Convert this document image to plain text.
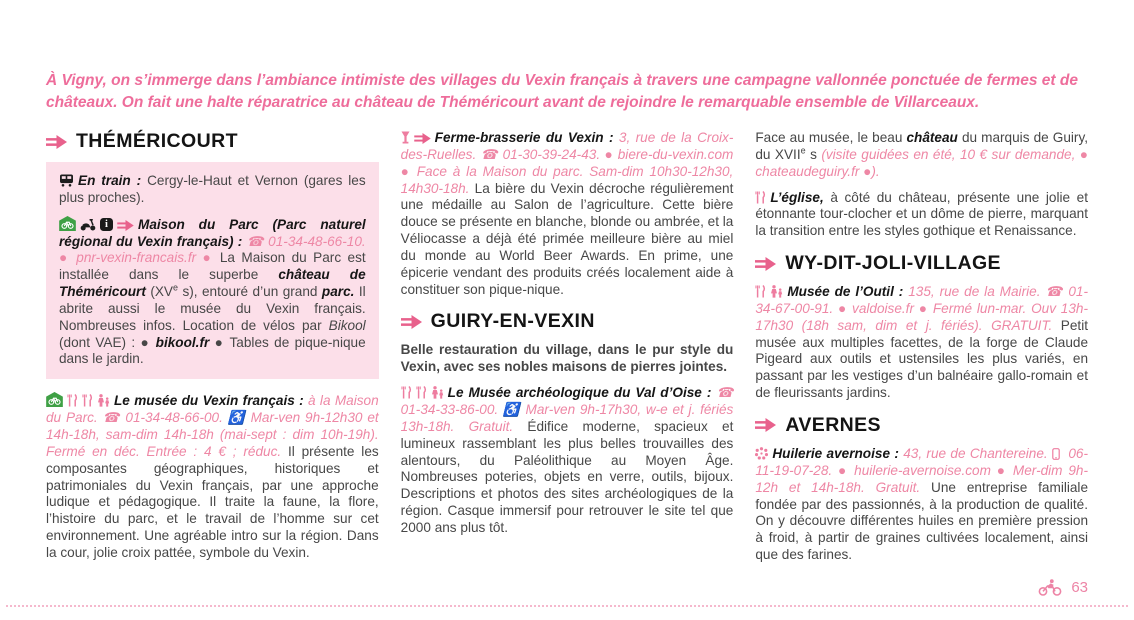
À Vigny, on s’immerge dans l’ambiance intimiste des villages du Vexin français à travers une campagne vallonnée ponctuée de fermes et de châteaux. On fait une halte réparatrice au château de Théméricourt avant de rejoindre le remarquable ensemble de Villarceaux.

THÉMÉRICOURT

En train : Cergy-le-Haut et Vernon (gares les plus proches).

i
Maison du Parc (Parc naturel régional du Vexin français) : ☎ 01-34-48-66-10. ● pnr-vexin-francais.fr ● La Maison du Parc est installée dans le superbe château de Théméricourt (XVe s), entouré d’un grand parc. Il abrite aussi le musée du Vexin français. Nombreuses infos. Location de vélos par Bikool (dont VAE) : ● bikool.fr ● Tables de pique-nique dans le jardin.

Le musée du Vexin français : à la Maison du Parc. ☎ 01-34-48-66-00. ♿ Mar-ven 9h-12h30 et 14h-18h, sam-dim 14h-18h (mai-sept : dim 10h-19h). Fermé en déc. Entrée : 4 € ; réduc. Il présente les composantes géographiques, historiques et patrimoniales du Vexin français, par une approche ludique et pédagogique. Il traite la faune, la flore, l’histoire du parc, et le travail de l’homme sur cet environnement. Une agréable intro sur la région. Dans la cour, jolie croix pattée, symbole du Vexin.

Ferme-brasserie du Vexin : 3, rue de la Croix-des-Ruelles. ☎ 01-30-39-24-43. ● biere-du-vexin.com ● Face à la Maison du parc. Sam-dim 10h30-12h30, 14h30-18h. La bière du Vexin décroche régulièrement une médaille au Salon de l’agriculture. Cette bière douce se présente en blanche, blonde ou ambrée, et la Véliocasse a déjà été primée meilleure bière au miel du monde au World Beer Awards. En prime, une épicerie vendant des produits créés localement aide à constituer son pique-nique.

GUIRY-EN-VEXIN

Belle restauration du village, dans le pur style du Vexin, avec ses nobles maisons de pierres jointes.

Le Musée archéologique du Val d’Oise : ☎ 01-34-33-86-00. ♿ Mar-ven 9h-17h30, w-e et j. fériés 13h-18h. Gratuit. Édifice moderne, spacieux et lumineux rassemblant les plus belles trouvailles des alentours, du Paléolithique au Moyen Âge. Nombreuses poteries, objets en verre, outils, bijoux. Descriptions et photos des sites archéologiques de la région. Casque immersif pour retrouver le site tel que 2000 ans plus tôt.

Face au musée, le beau château du marquis de Guiry, du XVIIe s (visite guidées en été, 10 € sur demande, ● chateaudeguiry.fr ●).

L’église, à côté du château, présente une jolie et étonnante tour-clocher et un dôme de pierre, marquant la transition entre les styles gothique et Renaissance.

WY-DIT-JOLI-VILLAGE

Musée de l’Outil : 135, rue de la Mairie. ☎ 01-34-67-00-91. ● valdoise.fr ● Fermé lun-mar. Ouv 13h-17h30 (18h sam, dim et j. fériés). GRATUIT. Petit musée aux multiples facettes, de la forge de Claude Pigeard aux outils et ustensiles les plus variés, en passant par les vestiges d’un balnéaire gallo-romain et de fleurissants jardins.

AVERNES

Huilerie avernoise : 43, rue de Chantereine.
06-11-19-07-28. ● huilerie-avernoise.com ● Mer-dim 9h-12h et 14h-18h. Gratuit. Une entreprise familiale fondée par des passionnés, à la production de qualité. On y découvre différentes huiles en première pression à froid, à partir de graines cultivées localement, ainsi que des farines.

63
